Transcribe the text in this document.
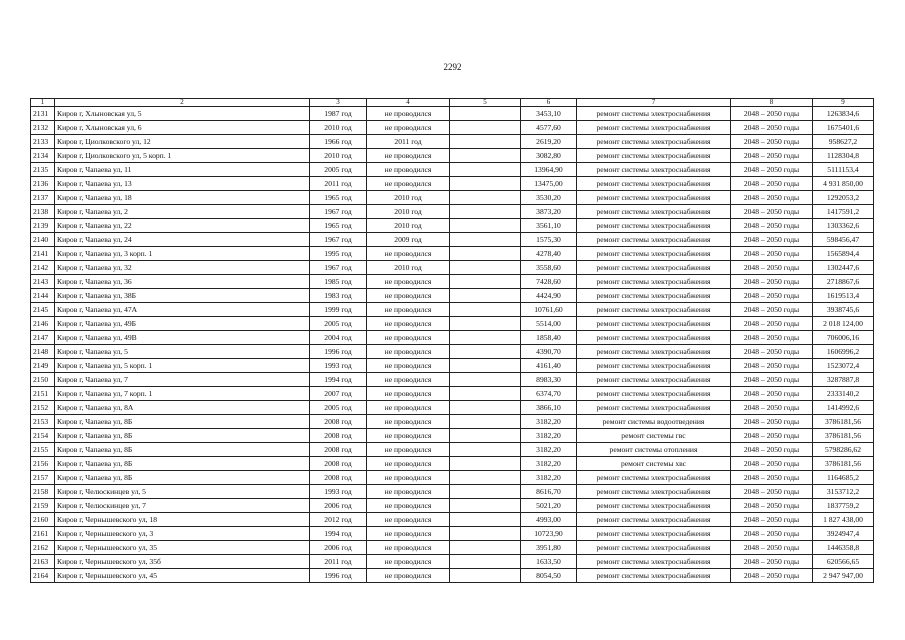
2292
1	2	3	4	5	6	7	8	9
2131	Киров г, Хлыновская ул, 5	1987 год	не проводился		3453,10	ремонт системы электроснабжения	2048 – 2050 годы	1263834,6
2132	Киров г, Хлыновская ул, 6	2010 год	не проводился		4577,60	ремонт системы электроснабжения	2048 – 2050 годы	1675401,6
2133	Киров г, Циолковского ул, 12	1966 год	2011 год		2619,20	ремонт системы электроснабжения	2048 – 2050 годы	958627,2
2134	Киров г, Циолковского ул, 5 корп. 1	2010 год	не проводился		3082,80	ремонт системы электроснабжения	2048 – 2050 годы	1128304,8
2135	Киров г, Чапаева ул, 11	2005 год	не проводился		13964,90	ремонт системы электроснабжения	2048 – 2050 годы	5111153,4
2136	Киров г, Чапаева ул, 13	2011 год	не проводился		13475,00	ремонт системы электроснабжения	2048 – 2050 годы	4 931 850,00
2137	Киров г, Чапаева ул, 18	1965 год	2010 год		3530,20	ремонт системы электроснабжения	2048 – 2050 годы	1292053,2
2138	Киров г, Чапаева ул, 2	1967 год	2010 год		3873,20	ремонт системы электроснабжения	2048 – 2050 годы	1417591,2
2139	Киров г, Чапаева ул, 22	1965 год	2010 год		3561,10	ремонт системы электроснабжения	2048 – 2050 годы	1303362,6
2140	Киров г, Чапаева ул, 24	1967 год	2009 год		1575,30	ремонт системы электроснабжения	2048 – 2050 годы	598456,47
2141	Киров г, Чапаева ул, 3 корп. 1	1995 год	не проводился		4278,40	ремонт системы электроснабжения	2048 – 2050 годы	1565894,4
2142	Киров г, Чапаева ул, 32	1967 год	2010 год		3558,60	ремонт системы электроснабжения	2048 – 2050 годы	1302447,6
2143	Киров г, Чапаева ул, 36	1985 год	не проводился		7428,60	ремонт системы электроснабжения	2048 – 2050 годы	2718867,6
2144	Киров г, Чапаева ул, 38Б	1983 год	не проводился		4424,90	ремонт системы электроснабжения	2048 – 2050 годы	1619513,4
2145	Киров г, Чапаева ул, 47А	1999 год	не проводился		10761,60	ремонт системы электроснабжения	2048 – 2050 годы	3938745,6
2146	Киров г, Чапаева ул, 49Б	2005 год	не проводился		5514,00	ремонт системы электроснабжения	2048 – 2050 годы	2 018 124,00
2147	Киров г, Чапаева ул, 49В	2004 год	не проводился		1858,40	ремонт системы электроснабжения	2048 – 2050 годы	706006,16
2148	Киров г, Чапаева ул, 5	1996 год	не проводился		4390,70	ремонт системы электроснабжения	2048 – 2050 годы	1606996,2
2149	Киров г, Чапаева ул, 5 корп. 1	1993 год	не проводился		4161,40	ремонт системы электроснабжения	2048 – 2050 годы	1523072,4
2150	Киров г, Чапаева ул, 7	1994 год	не проводился		8983,30	ремонт системы электроснабжения	2048 – 2050 годы	3287887,8
2151	Киров г, Чапаева ул, 7 корп. 1	2007 год	не проводился		6374,70	ремонт системы электроснабжения	2048 – 2050 годы	2333140,2
2152	Киров г, Чапаева ул, 8А	2005 год	не проводился		3866,10	ремонт системы электроснабжения	2048 – 2050 годы	1414992,6
2153	Киров г, Чапаева ул, 8Б	2008 год	не проводился		3182,20	ремонт системы водоотведения	2048 – 2050 годы	3786181,56
2154	Киров г, Чапаева ул, 8Б	2008 год	не проводился		3182,20	ремонт системы гвс	2048 – 2050 годы	3786181,56
2155	Киров г, Чапаева ул, 8Б	2008 год	не проводился		3182,20	ремонт системы отопления	2048 – 2050 годы	5798286,62
2156	Киров г, Чапаева ул, 8Б	2008 год	не проводился		3182,20	ремонт системы хвс	2048 – 2050 годы	3786181,56
2157	Киров г, Чапаева ул, 8Б	2008 год	не проводился		3182,20	ремонт системы электроснабжения	2048 – 2050 годы	1164685,2
2158	Киров г, Челюскинцев ул, 5	1993 год	не проводился		8616,70	ремонт системы электроснабжения	2048 – 2050 годы	3153712,2
2159	Киров г, Челюскинцев ул, 7	2006 год	не проводился		5021,20	ремонт системы электроснабжения	2048 – 2050 годы	1837759,2
2160	Киров г, Чернышевского ул, 18	2012 год	не проводился		4993,00	ремонт системы электроснабжения	2048 – 2050 годы	1 827 438,00
2161	Киров г, Чернышевского ул, 3	1994 год	не проводился		10723,90	ремонт системы электроснабжения	2048 – 2050 годы	3924947,4
2162	Киров г, Чернышевского ул, 35	2006 год	не проводился		3951,80	ремонт системы электроснабжения	2048 – 2050 годы	1446358,8
2163	Киров г, Чернышевского ул, 35б	2011 год	не проводился		1633,50	ремонт системы электроснабжения	2048 – 2050 годы	620566,65
2164	Киров г, Чернышевского ул, 45	1996 год	не проводился		8054,50	ремонт системы электроснабжения	2048 – 2050 годы	2 947 947,00
